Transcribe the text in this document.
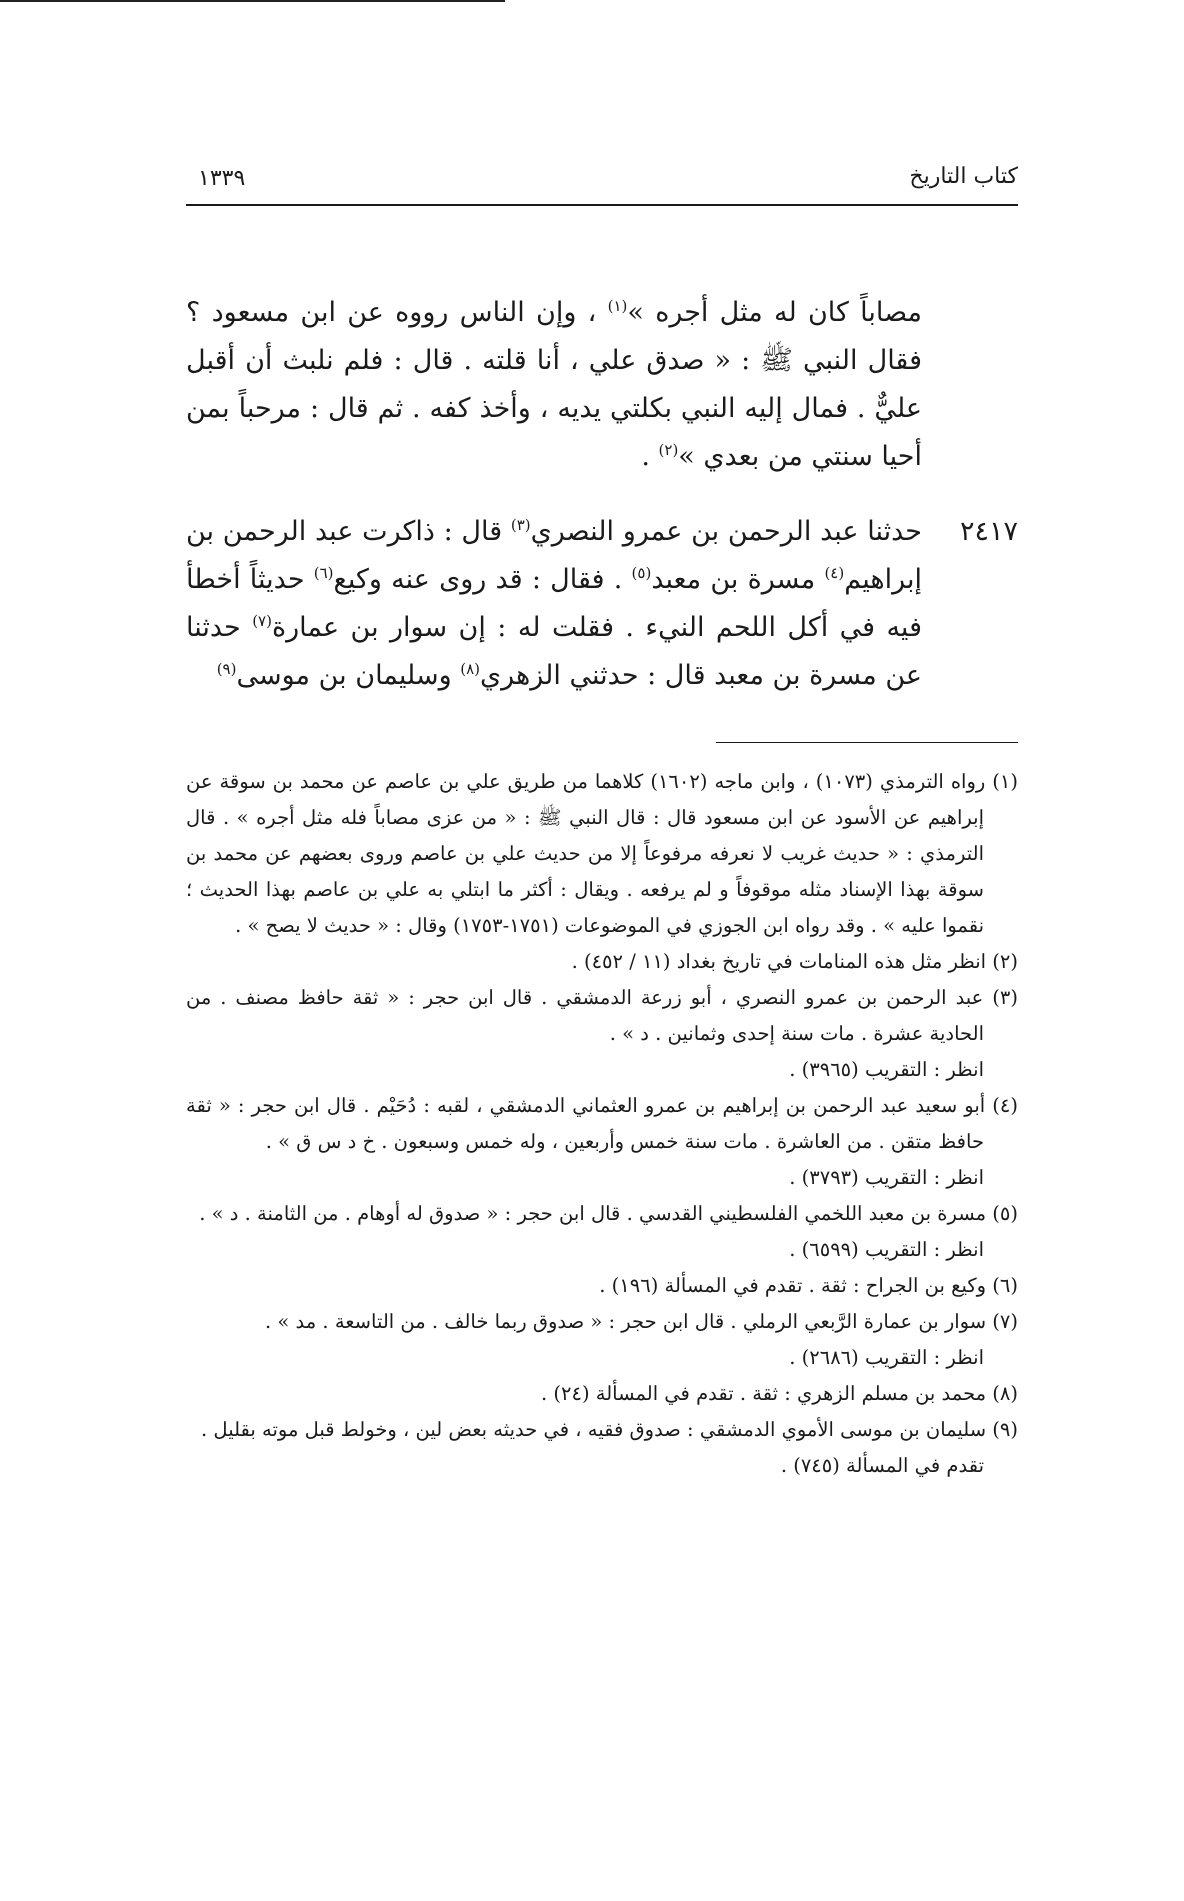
كتاب التاريخ
١٣٣٩

مصاباً كان له مثل أجره »$^{(١)}$ ، وإن الناس رووه عن ابن مسعود ؟ فقال النبي ﷺ : « صدق علي ، أنا قلته . قال : فلم نلبث أن أقبل عليٌّ . فمال إليه النبي بكلتي يديه ، وأخذ كفه . ثم قال : مرحباً بمن أحيا سنتي من بعدي »$^{(٢)}$ .

٢٤١٧

حدثنا عبد الرحمن بن عمرو النصري$^{(٣)}$ قال : ذاكرت عبد الرحمن بن إبراهيم$^{(٤)}$ مسرة بن معبد$^{(٥)}$ . فقال : قد روى عنه وكيع$^{(٦)}$ حديثاً أخطأ فيه في أكل اللحم النيء . فقلت له : إن سوار بن عمارة$^{(٧)}$ حدثنا عن مسرة بن معبد قال : حدثني الزهري$^{(٨)}$ وسليمان بن موسى$^{(٩)}$

(١) رواه الترمذي (١٠٧٣) ، وابن ماجه (١٦٠٢) كلاهما من طريق علي بن عاصم عن محمد بن سوقة عن إبراهيم عن الأسود عن ابن مسعود قال : قال النبي ﷺ : « من عزى مصاباً فله مثل أجره » . قال الترمذي : « حديث غريب لا نعرفه مرفوعاً إلا من حديث علي بن عاصم وروى بعضهم عن محمد بن سوقة بهذا الإسناد مثله موقوفاً و لم يرفعه . ويقال : أكثر ما ابتلي به علي بن عاصم بهذا الحديث ؛ نقموا عليه » . وقد رواه ابن الجوزي في الموضوعات (١٧٥١-١٧٥٣) وقال : « حديث لا يصح » .
(٢) انظر مثل هذه المنامات في تاريخ بغداد (١١ / ٤٥٢) .
(٣) عبد الرحمن بن عمرو النصري ، أبو زرعة الدمشقي . قال ابن حجر : « ثقة حافظ مصنف . من الحادية عشرة . مات سنة إحدى وثمانين . د » .
انظر : التقريب (٣٩٦٥) .
(٤) أبو سعيد عبد الرحمن بن إبراهيم بن عمرو العثماني الدمشقي ، لقبه : دُحَيْم . قال ابن حجر : « ثقة حافظ متقن . من العاشرة . مات سنة خمس وأربعين ، وله خمس وسبعون . خ د س ق » .
انظر : التقريب (٣٧٩٣) .
(٥) مسرة بن معبد اللخمي الفلسطيني القدسي . قال ابن حجر : « صدوق له أوهام . من الثامنة . د » .
انظر : التقريب (٦٥٩٩) .
(٦) وكيع بن الجراح : ثقة . تقدم في المسألة (١٩٦) .
(٧) سوار بن عمارة الرَّبعي الرملي . قال ابن حجر : « صدوق ربما خالف . من التاسعة . مد » .
انظر : التقريب (٢٦٨٦) .
(٨) محمد بن مسلم الزهري : ثقة . تقدم في المسألة (٢٤) .
(٩) سليمان بن موسى الأموي الدمشقي : صدوق فقيه ، في حديثه بعض لين ، وخولط قبل موته بقليل .
تقدم في المسألة (٧٤٥) .
